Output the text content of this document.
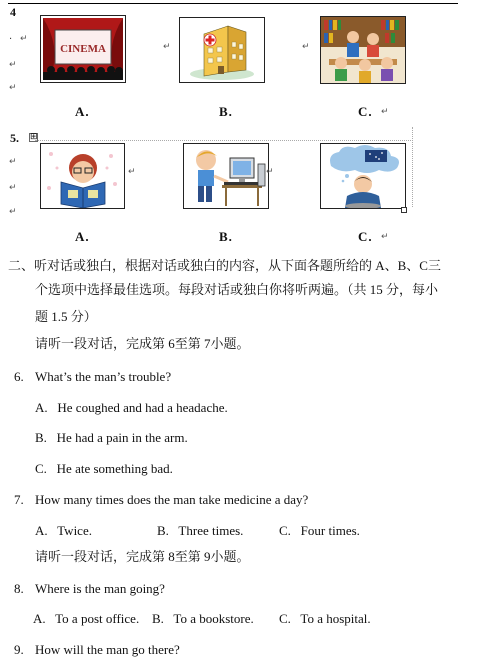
4
· ↵
↵
↵
CINEMA	↵	↵
A.	B.	C. ↵
5. ⊞
↵
↵
↵
↵	↵
A.	B.	C. ↵
二、听对话或独白，根据对话或独白的内容，从下面各题所给的 A、B、C三
个选项中选择最佳选项。每段对话或独白你将听两遍。（共 15 分，每小
题 1.5 分）
请听一段对话，完成第 6至第 7小题。
6. What’s the man’s trouble?
A.   He coughed and had a headache.
B.   He had a pain in the arm.
C.   He ate something bad.
7. How many times does the man take medicine a day?
A.   Twice.	B.   Three times.	C.   Four times.
请听一段对话，完成第 8至第 9小题。
8. Where is the man going?
A.   To a post office. B.   To a bookstore. C.   To a hospital.
9. How will the man go there?
